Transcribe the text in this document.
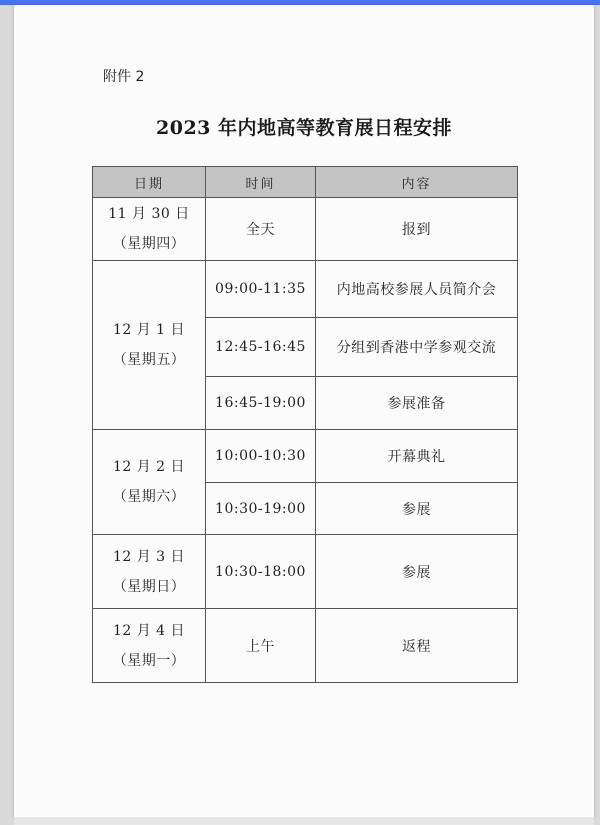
附件 2
2023 年内地高等教育展日程安排
日期	时间	内容

11 月 30 日
（星期四）	全天	报到

12 月 1 日
（星期五）	09:00-11:35	内地高校参展人员简介会
	12:45-16:45	分组到香港中学参观交流
	16:45-19:00	参展准备

12 月 2 日
（星期六）	10:00-10:30	开幕典礼
	10:30-19:00	参展

12 月 3 日
（星期日）	10:30-18:00	参展

12 月 4 日
（星期一）	上午	返程
